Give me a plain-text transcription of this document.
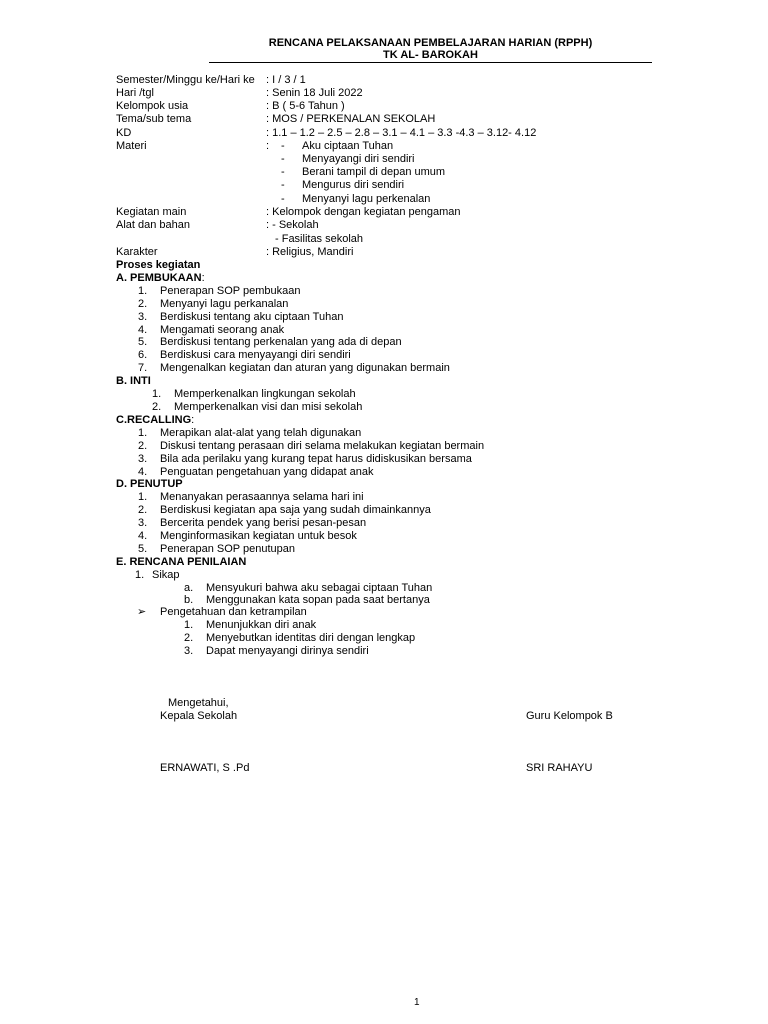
RENCANA PELAKSANAAN PEMBELAJARAN HARIAN (RPPH)
TK AL- BAROKAH
Semester/Minggu ke/Hari ke : I / 3 / 1
Hari /tgl	: Senin 18 Juli 2022
Kelompok usia	: B ( 5-6 Tahun )
Tema/sub tema	: MOS / PERKENALAN SEKOLAH
KD	: 1.1 – 1.2 – 2.5 – 2.8 – 3.1 – 4.1 – 3.3 -4.3 – 3.12- 4.12
Materi	: - Aku ciptaan Tuhan
- Menyayangi diri sendiri
- Berani tampil di depan umum
- Mengurus diri sendiri
- Menyanyi lagu perkenalan
Kegiatan main	: Kelompok dengan kegiatan pengaman
Alat dan bahan	: - Sekolah
- Fasilitas sekolah
Karakter	: Religius, Mandiri
Proses kegiatan
A. PEMBUKAAN:
1. Penerapan SOP pembukaan
2. Menyanyi lagu perkanalan
3. Berdiskusi tentang aku ciptaan Tuhan
4. Mengamati seorang anak
5. Berdiskusi tentang perkenalan yang ada di depan
6. Berdiskusi cara menyayangi diri sendiri
7. Mengenalkan kegiatan dan aturan yang digunakan bermain
B. INTI
1. Memperkenalkan lingkungan sekolah
2. Memperkenalkan visi dan misi sekolah
C.RECALLING:
1. Merapikan alat-alat yang telah digunakan
2. Diskusi tentang perasaan diri selama melakukan kegiatan bermain
3. Bila ada perilaku yang kurang tepat harus didiskusikan bersama
4. Penguatan pengetahuan yang didapat anak
D. PENUTUP
1. Menanyakan perasaannya selama hari ini
2. Berdiskusi kegiatan apa saja yang sudah dimainkannya
3. Bercerita pendek yang berisi pesan-pesan
4. Menginformasikan kegiatan untuk besok
5. Penerapan SOP penutupan
E. RENCANA PENILAIAN
1. Sikap
a. Mensyukuri bahwa aku sebagai ciptaan Tuhan
b. Menggunakan kata sopan pada saat bertanya
➢ Pengetahuan dan ketrampilan
1. Menunjukkan diri anak
2. Menyebutkan identitas diri dengan lengkap
3. Dapat menyayangi dirinya sendiri
Mengetahui,
Kepala Sekolah	Guru Kelompok B
ERNAWATI, S .Pd	SRI RAHAYU
1
